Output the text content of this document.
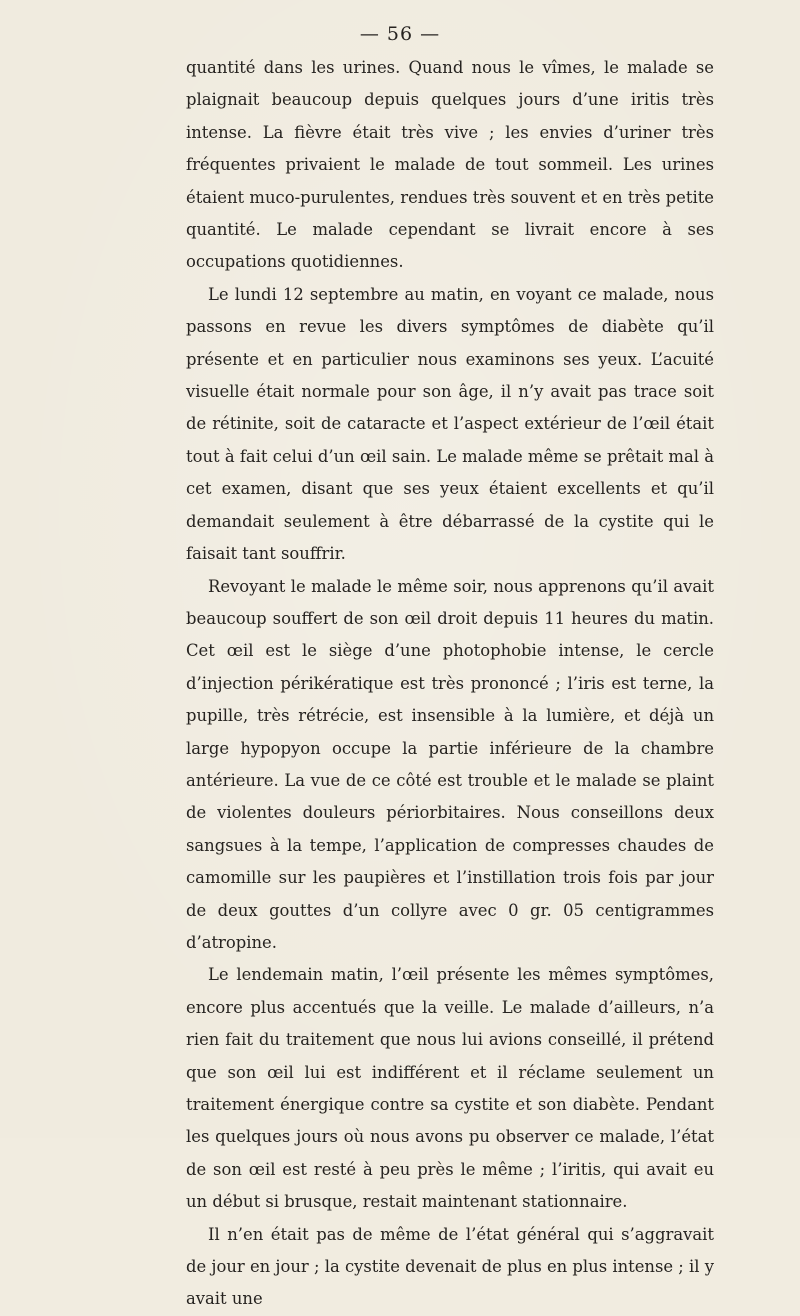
— 56 —

quantité dans les urines. Quand nous le vîmes, le malade se plaignait beaucoup depuis quelques jours d’une iritis très intense. La fièvre était très vive ; les envies d’uriner très fréquentes privaient le malade de tout sommeil. Les urines étaient muco-purulentes, rendues très souvent et en très petite quantité. Le malade cependant se livrait encore à ses occupations quotidiennes.

Le lundi 12 septembre au matin, en voyant ce malade, nous passons en revue les divers symptômes de diabète qu’il présente et en particulier nous examinons ses yeux. L’acuité visuelle était normale pour son âge, il n’y avait pas trace soit de rétinite, soit de cataracte et l’aspect extérieur de l’œil était tout à fait celui d’un œil sain. Le malade même se prêtait mal à cet examen, disant que ses yeux étaient excellents et qu’il demandait seulement à être débarrassé de la cystite qui le faisait tant souffrir.

Revoyant le malade le même soir, nous apprenons qu’il avait beaucoup souffert de son œil droit depuis 11 heures du matin. Cet œil est le siège d’une photophobie intense, le cercle d’injection périkératique est très prononcé ; l’iris est terne, la pupille, très rétrécie, est insensible à la lumière, et déjà un large hypopyon occupe la partie inférieure de la chambre antérieure. La vue de ce côté est trouble et le malade se plaint de violentes douleurs périorbitaires. Nous conseillons deux sangsues à la tempe, l’application de compresses chaudes de camomille sur les paupières et l’instillation trois fois par jour de deux gouttes d’un collyre avec 0 gr. 05 centigrammes d’atropine.

Le lendemain matin, l’œil présente les mêmes symptômes, encore plus accentués que la veille. Le malade d’ailleurs, n’a rien fait du traitement que nous lui avions conseillé, il prétend que son œil lui est indifférent et il réclame seulement un traitement énergique contre sa cystite et son diabète. Pendant les quelques jours où nous avons pu observer ce malade, l’état de son œil est resté à peu près le même ; l’iritis, qui avait eu un début si brusque, restait maintenant stationnaire.

Il n’en était pas de même de l’état général qui s’aggravait de jour en jour ; la cystite devenait de plus en plus intense ; il y avait une
